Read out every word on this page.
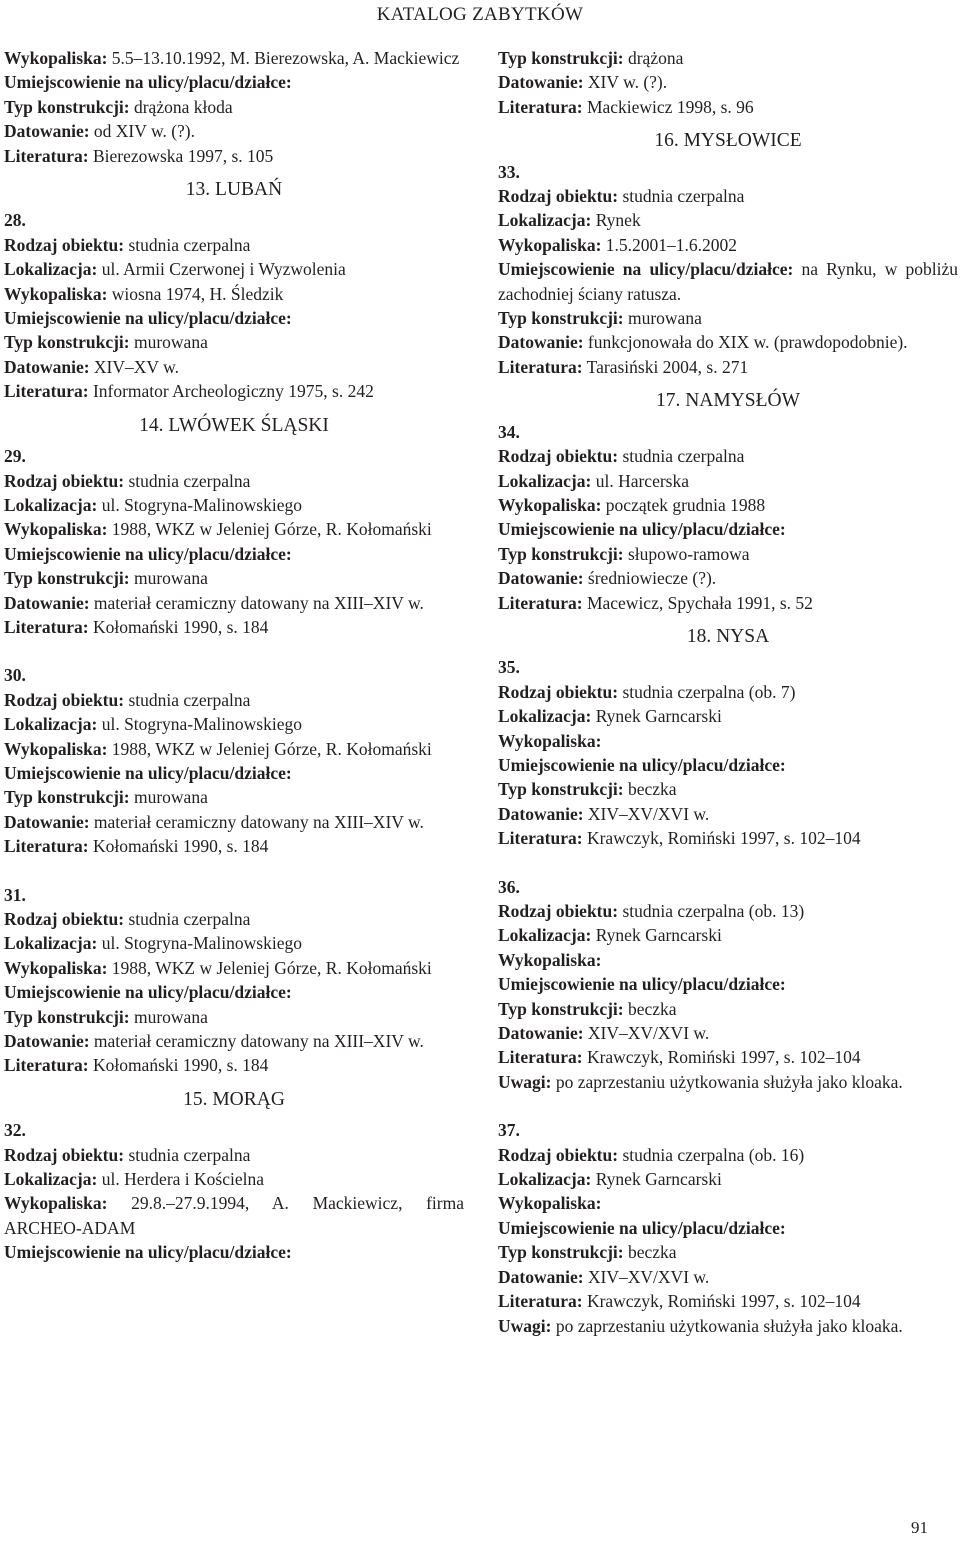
KATALOG ZABYTKÓW

Wykopaliska: 5.5–13.10.1992, M. Bierezowska, A. Mackiewicz

Umiejscowienie na ulicy/placu/działce:

Typ konstrukcji: drążona kłoda

Datowanie: od XIV w. (?).

Literatura: Bierezowska 1997, s. 105

13. LUBAŃ

28.

Rodzaj obiektu: studnia czerpalna

Lokalizacja: ul. Armii Czerwonej i Wyzwolenia

Wykopaliska: wiosna 1974, H. Śledzik

Umiejscowienie na ulicy/placu/działce:

Typ konstrukcji: murowana

Datowanie: XIV–XV w.

Literatura: Informator Archeologiczny 1975, s. 242

14. LWÓWEK ŚLĄSKI

29.

Rodzaj obiektu: studnia czerpalna

Lokalizacja: ul. Stogryna-Malinowskiego

Wykopaliska: 1988, WKZ w Jeleniej Górze, R. Kołomański

Umiejscowienie na ulicy/placu/działce:

Typ konstrukcji: murowana

Datowanie: materiał ceramiczny datowany na XIII–XIV w.

Literatura: Kołomański 1990, s. 184

30.

Rodzaj obiektu: studnia czerpalna

Lokalizacja: ul. Stogryna-Malinowskiego

Wykopaliska: 1988, WKZ w Jeleniej Górze, R. Kołomański

Umiejscowienie na ulicy/placu/działce:

Typ konstrukcji: murowana

Datowanie: materiał ceramiczny datowany na XIII–XIV w.

Literatura: Kołomański 1990, s. 184

31.

Rodzaj obiektu: studnia czerpalna

Lokalizacja: ul. Stogryna-Malinowskiego

Wykopaliska: 1988, WKZ w Jeleniej Górze, R. Kołomański

Umiejscowienie na ulicy/placu/działce:

Typ konstrukcji: murowana

Datowanie: materiał ceramiczny datowany na XIII–XIV w.

Literatura: Kołomański 1990, s. 184

15. MORĄG

32.

Rodzaj obiektu: studnia czerpalna

Lokalizacja: ul. Herdera i Kościelna

Wykopaliska: 29.8.–27.9.1994, A. Mackiewicz, firma ARCHEO-ADAM

Umiejscowienie na ulicy/placu/działce:

Typ konstrukcji: drążona

Datowanie: XIV w. (?).

Literatura: Mackiewicz 1998, s. 96

16. MYSŁOWICE

33.

Rodzaj obiektu: studnia czerpalna

Lokalizacja: Rynek

Wykopaliska: 1.5.2001–1.6.2002

Umiejscowienie na ulicy/placu/działce: na Rynku, w pobliżu zachodniej ściany ratusza.

Typ konstrukcji: murowana

Datowanie: funkcjonowała do XIX w. (prawdopodobnie).

Literatura: Tarasiński 2004, s. 271

17. NAMYSŁÓW

34.

Rodzaj obiektu: studnia czerpalna

Lokalizacja: ul. Harcerska

Wykopaliska: początek grudnia 1988

Umiejscowienie na ulicy/placu/działce:

Typ konstrukcji: słupowo-ramowa

Datowanie: średniowiecze (?).

Literatura: Macewicz, Spychała 1991, s. 52

18. NYSA

35.

Rodzaj obiektu: studnia czerpalna (ob. 7)

Lokalizacja: Rynek Garncarski

Wykopaliska:

Umiejscowienie na ulicy/placu/działce:

Typ konstrukcji: beczka

Datowanie: XIV–XV/XVI w.

Literatura: Krawczyk, Romiński 1997, s. 102–104

36.

Rodzaj obiektu: studnia czerpalna (ob. 13)

Lokalizacja: Rynek Garncarski

Wykopaliska:

Umiejscowienie na ulicy/placu/działce:

Typ konstrukcji: beczka

Datowanie: XIV–XV/XVI w.

Literatura: Krawczyk, Romiński 1997, s. 102–104

Uwagi: po zaprzestaniu użytkowania służyła jako kloaka.

37.

Rodzaj obiektu: studnia czerpalna (ob. 16)

Lokalizacja: Rynek Garncarski

Wykopaliska:

Umiejscowienie na ulicy/placu/działce:

Typ konstrukcji: beczka

Datowanie: XIV–XV/XVI w.

Literatura: Krawczyk, Romiński 1997, s. 102–104

Uwagi: po zaprzestaniu użytkowania służyła jako kloaka.

91
